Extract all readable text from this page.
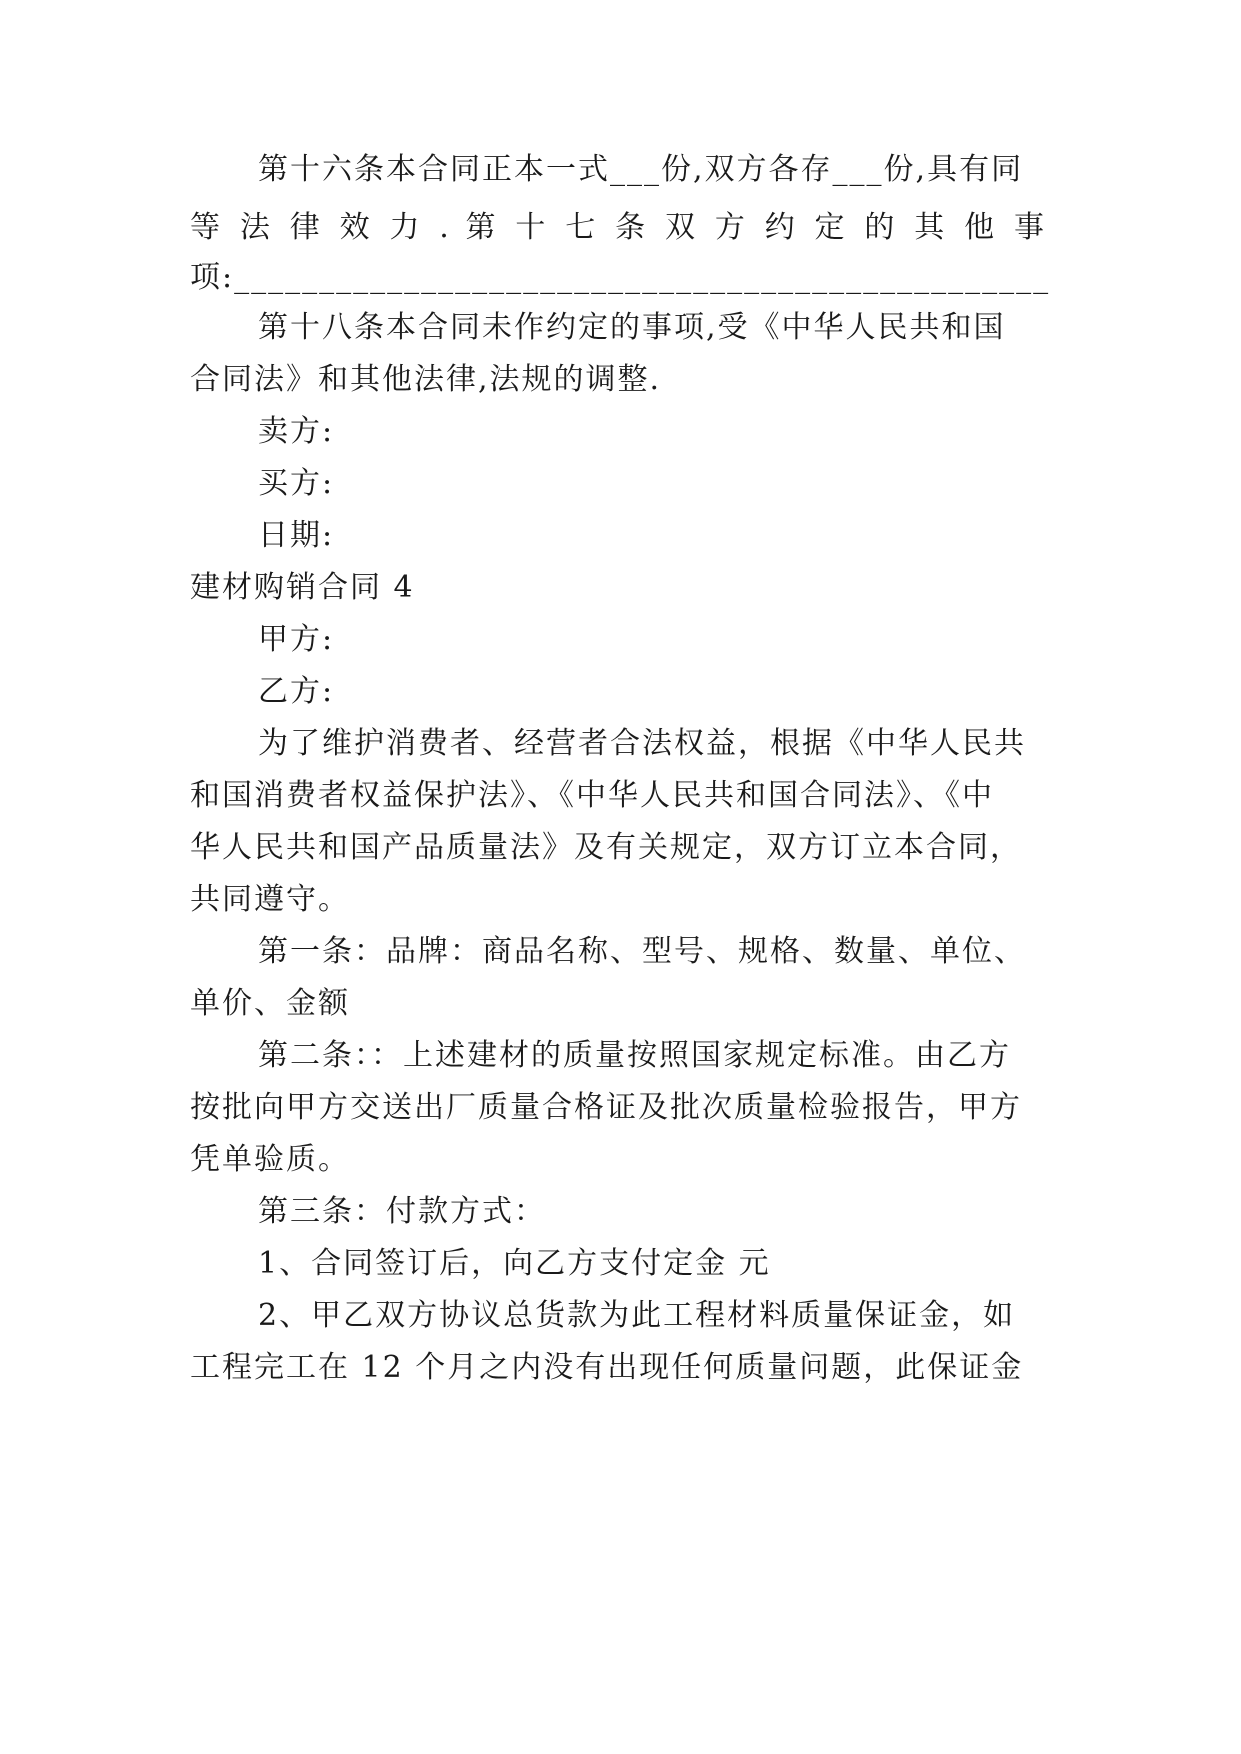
第十六条本合同正本一式___份,双方各存___份,具有同
等 法 律 效 力 . 第 十 七 条 双 方 约 定 的 其 他 事
项:________________________________________________
第十八条本合同未作约定的事项,受《中华人民共和国
合同法》和其他法律,法规的调整.
卖方:
买方:
日期:
建材购销合同 4
甲方:
乙方:
为了维护消费者、经营者合法权益，根据《中华人民共
和国消费者权益保护法》、《中华人民共和国合同法》、《中
华人民共和国产品质量法》及有关规定，双方订立本合同，
共同遵守。
第一条：品牌：商品名称、型号、规格、数量、单位、
单价、金额
第二条：：上述建材的质量按照国家规定标准。由乙方
按批向甲方交送出厂质量合格证及批次质量检验报告，甲方
凭单验质。
第三条：付款方式：
1、合同签订后，向乙方支付定金 元
2、甲乙双方协议总货款为此工程材料质量保证金，如
工程完工在 12 个月之内没有出现任何质量问题，此保证金
